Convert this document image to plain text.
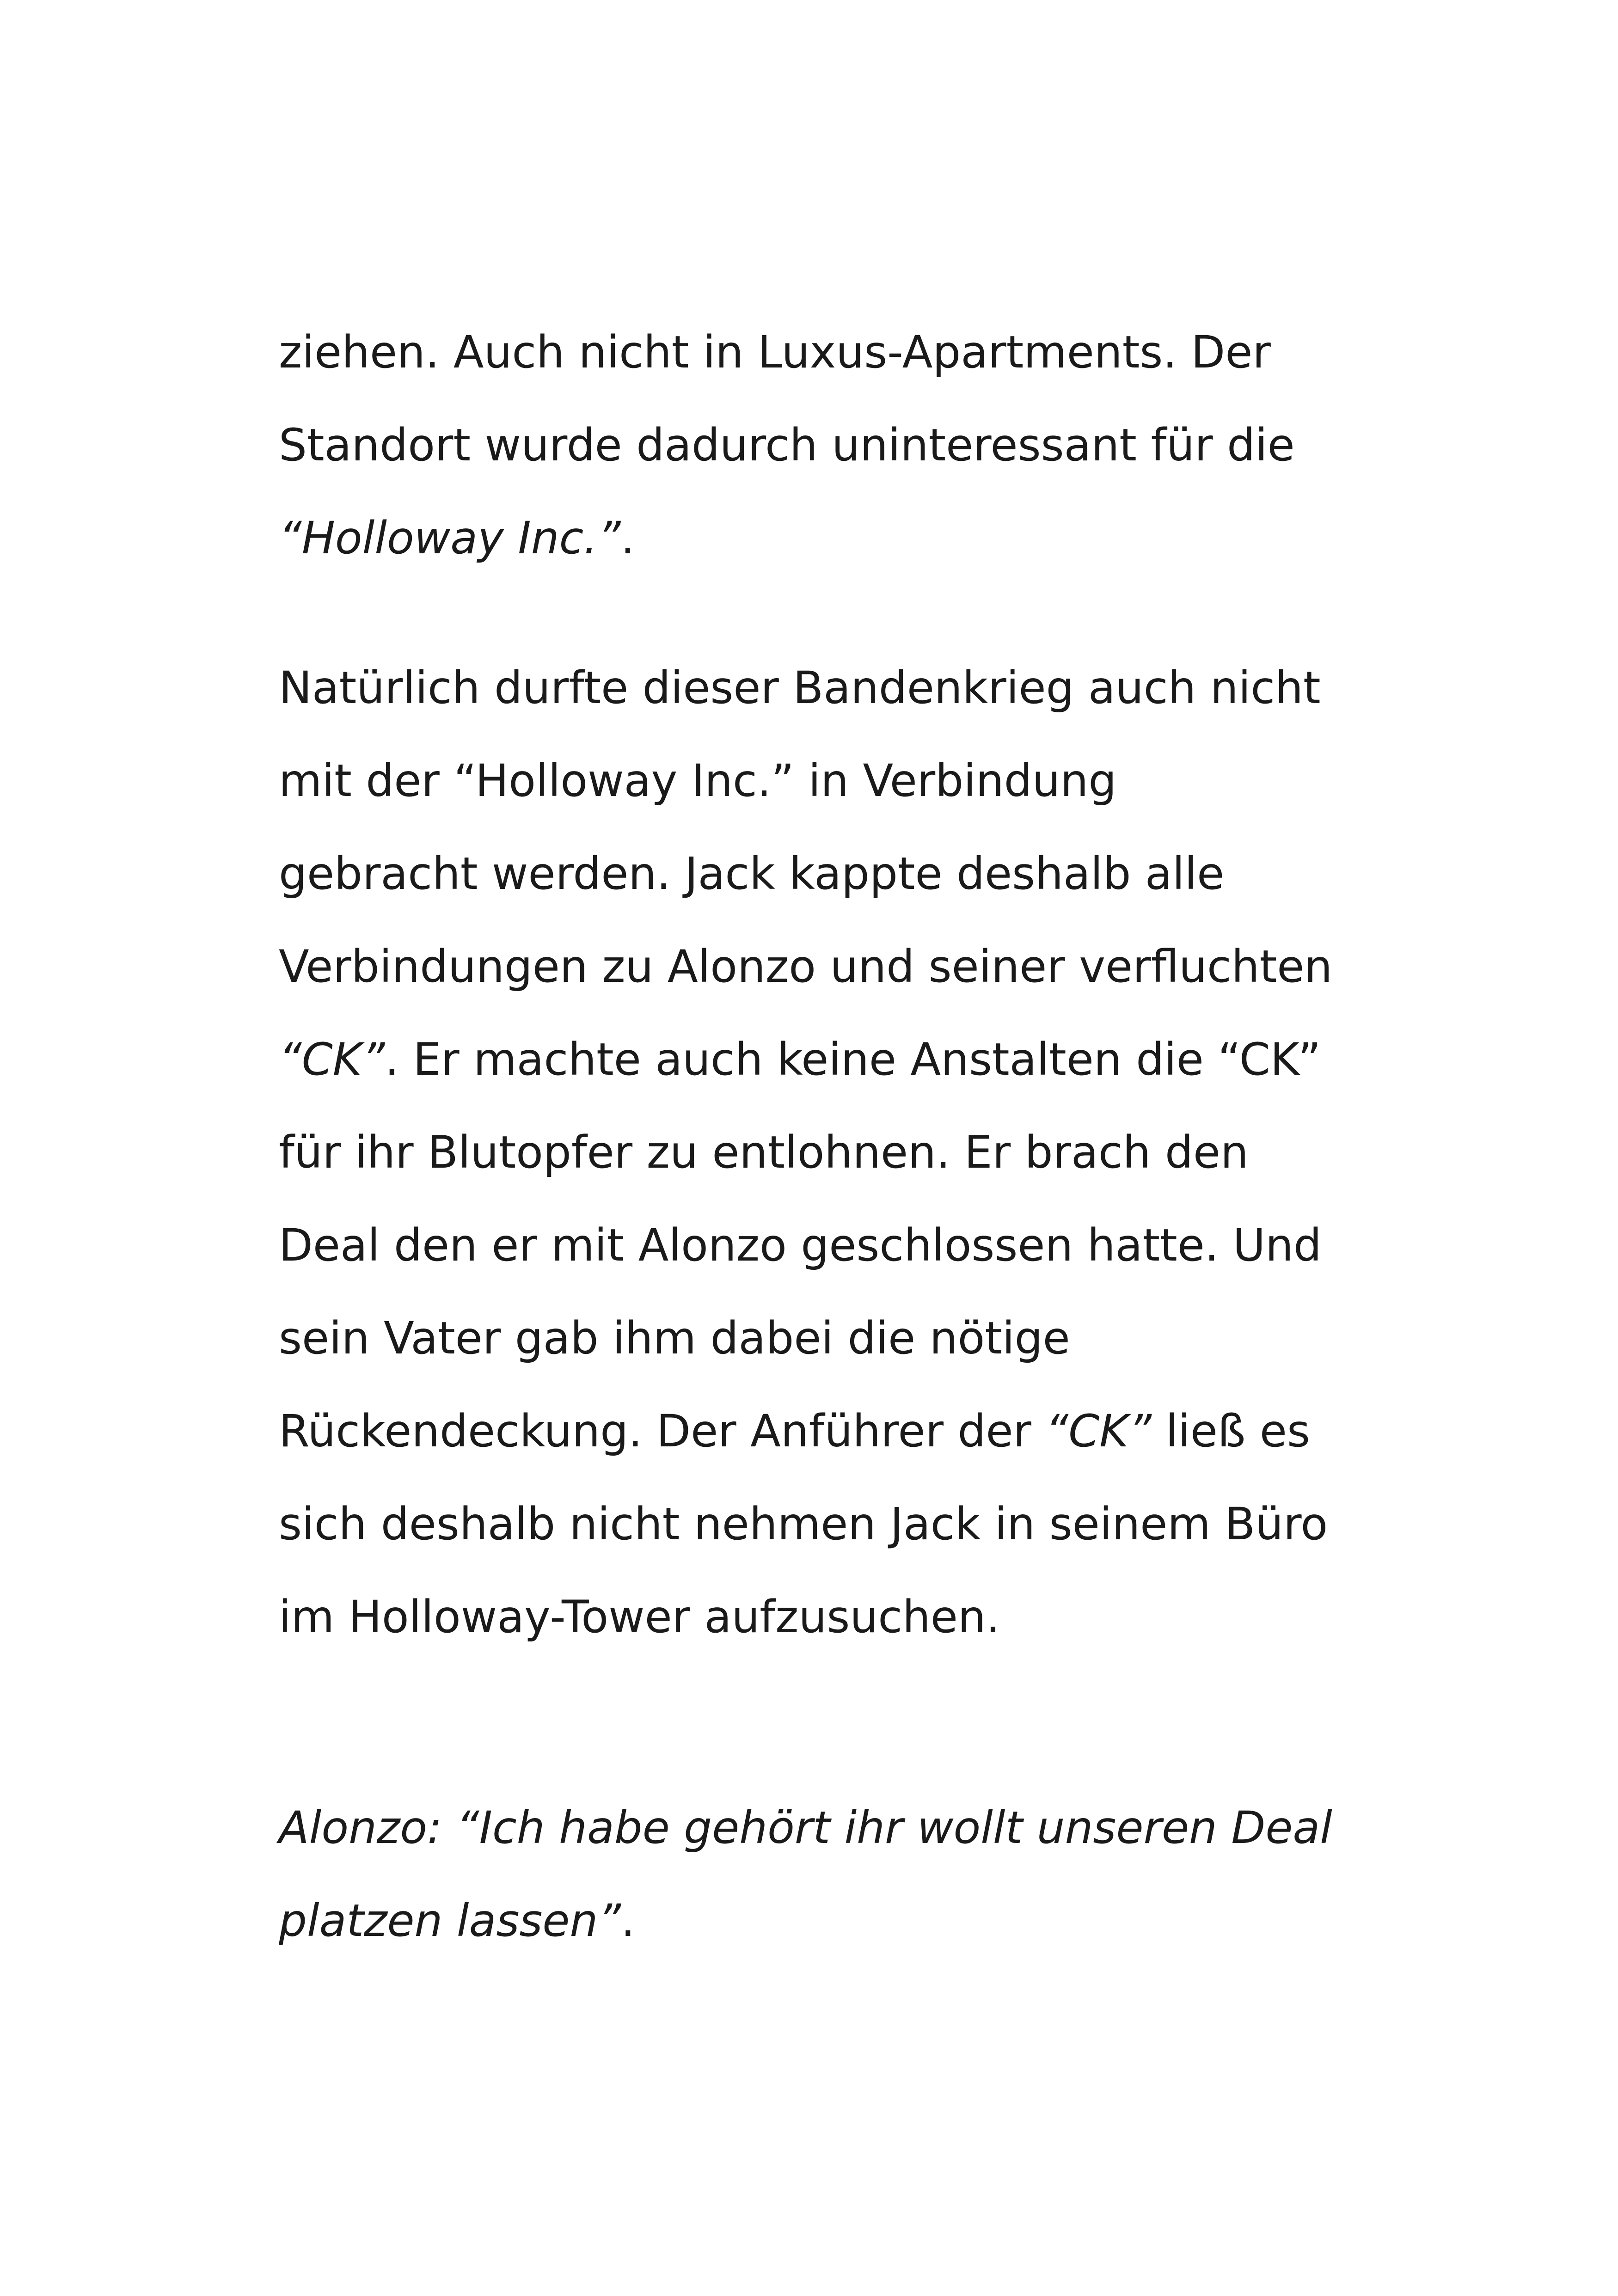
ziehen. Auch nicht in Luxus-Apartments. Der
Standort wurde dadurch uninteressant für die
“Holloway Inc.”.
Natürlich durfte dieser Bandenkrieg auch nicht
mit der “Holloway Inc.” in Verbindung
gebracht werden. Jack kappte deshalb alle
Verbindungen zu Alonzo und seiner verfluchten
“CK”. Er machte auch keine Anstalten die “CK”
für ihr Blutopfer zu entlohnen. Er brach den
Deal den er mit Alonzo geschlossen hatte. Und
sein Vater gab ihm dabei die nötige
Rückendeckung. Der Anführer der “CK” ließ es
sich deshalb nicht nehmen Jack in seinem Büro
im Holloway-Tower aufzusuchen.
Alonzo: “Ich habe gehört ihr wollt unseren Deal
platzen lassen”.
